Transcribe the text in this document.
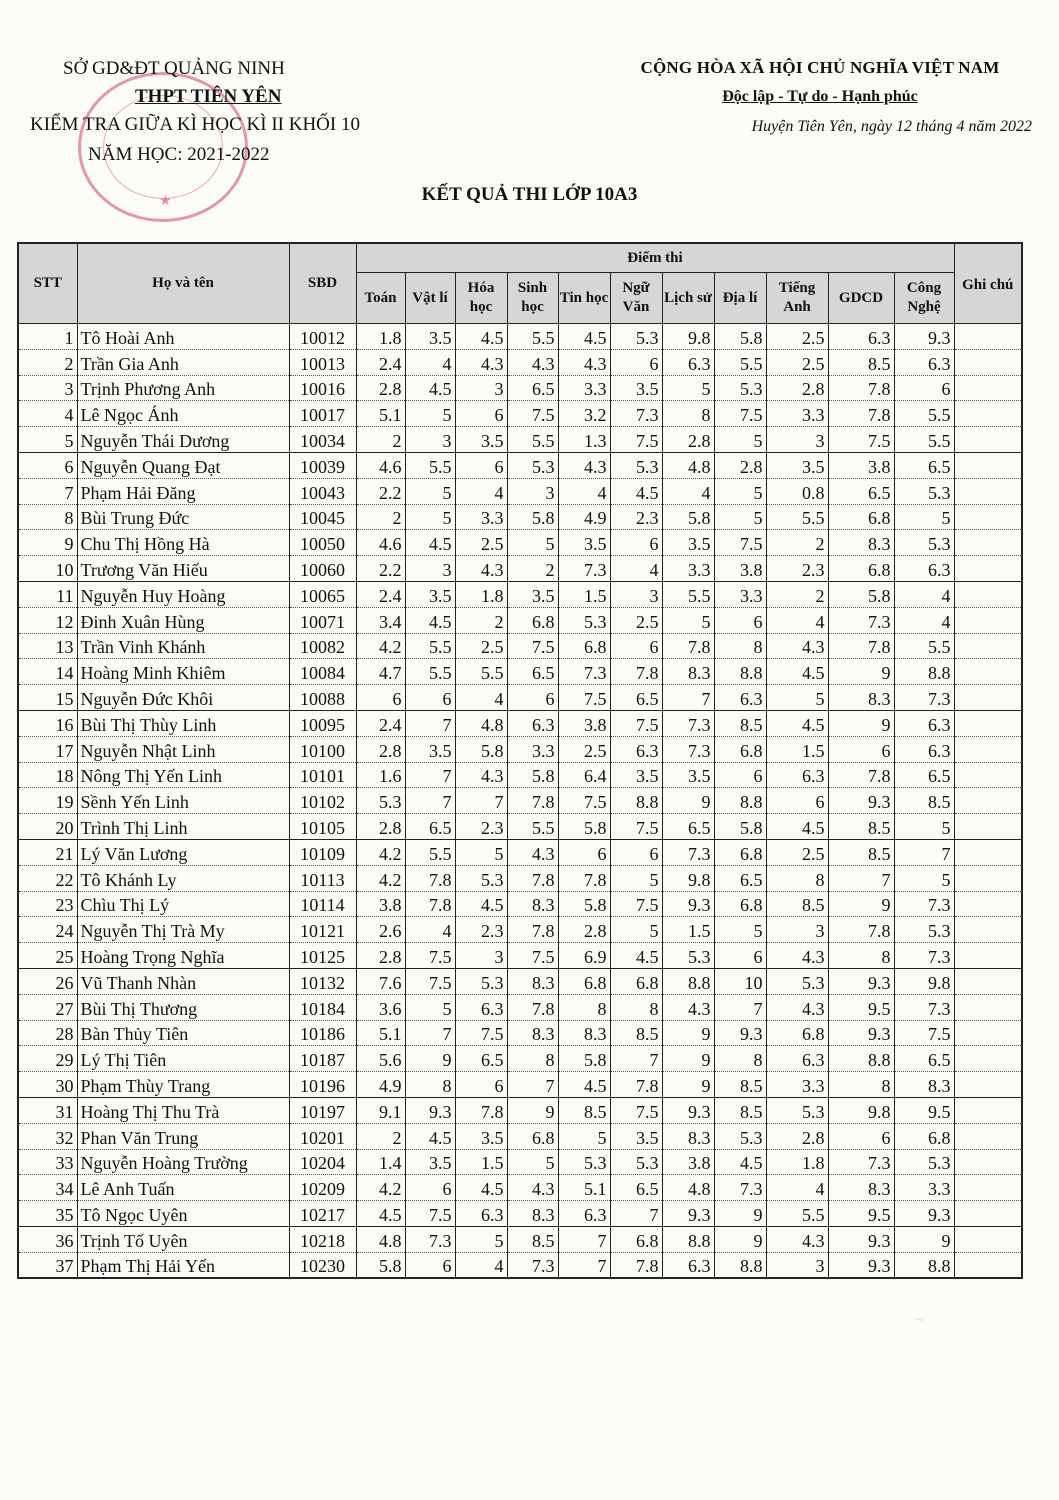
★
SỞ GD&ĐT QUẢNG NINH
THPT TIÊN YÊN
KIỂM TRA GIỮA KÌ HỌC KÌ II KHỐI 10
NĂM HỌC: 2021-2022
CỘNG HÒA XÃ HỘI CHỦ NGHĨA VIỆT NAM
Độc lập - Tự do - Hạnh phúc
Huyện Tiên Yên, ngày 12 tháng 4 năm 2022
KẾT QUẢ THI LỚP 10A3
STT	Họ và tên	SBD	Điểm thi											Ghi chú
			Toán	Vật lí	Hóa học	Sinh học	Tin học	Ngữ Văn	Lịch sử	Địa lí	Tiếng Anh	GDCD	Công Nghệ	
1	Tô Hoài Anh	10012	1.8	3.5	4.5	5.5	4.5	5.3	9.8	5.8	2.5	6.3	9.3	
2	Trần Gia Anh	10013	2.4	4	4.3	4.3	4.3	6	6.3	5.5	2.5	8.5	6.3	
3	Trịnh Phương Anh	10016	2.8	4.5	3	6.5	3.3	3.5	5	5.3	2.8	7.8	6	
4	Lê Ngọc Ánh	10017	5.1	5	6	7.5	3.2	7.3	8	7.5	3.3	7.8	5.5	
5	Nguyễn Thái Dương	10034	2	3	3.5	5.5	1.3	7.5	2.8	5	3	7.5	5.5	
6	Nguyễn Quang Đạt	10039	4.6	5.5	6	5.3	4.3	5.3	4.8	2.8	3.5	3.8	6.5	
7	Phạm Hải Đăng	10043	2.2	5	4	3	4	4.5	4	5	0.8	6.5	5.3	
8	Bùi Trung Đức	10045	2	5	3.3	5.8	4.9	2.3	5.8	5	5.5	6.8	5	
9	Chu Thị Hồng Hà	10050	4.6	4.5	2.5	5	3.5	6	3.5	7.5	2	8.3	5.3	
10	Trương Văn Hiếu	10060	2.2	3	4.3	2	7.3	4	3.3	3.8	2.3	6.8	6.3	
11	Nguyễn Huy Hoàng	10065	2.4	3.5	1.8	3.5	1.5	3	5.5	3.3	2	5.8	4	
12	Đinh Xuân Hùng	10071	3.4	4.5	2	6.8	5.3	2.5	5	6	4	7.3	4	
13	Trần Vinh Khánh	10082	4.2	5.5	2.5	7.5	6.8	6	7.8	8	4.3	7.8	5.5	
14	Hoàng Minh Khiêm	10084	4.7	5.5	5.5	6.5	7.3	7.8	8.3	8.8	4.5	9	8.8	
15	Nguyễn Đức Khôi	10088	6	6	4	6	7.5	6.5	7	6.3	5	8.3	7.3	
16	Bùi Thị Thùy Linh	10095	2.4	7	4.8	6.3	3.8	7.5	7.3	8.5	4.5	9	6.3	
17	Nguyễn Nhật Linh	10100	2.8	3.5	5.8	3.3	2.5	6.3	7.3	6.8	1.5	6	6.3	
18	Nông Thị Yến Linh	10101	1.6	7	4.3	5.8	6.4	3.5	3.5	6	6.3	7.8	6.5	
19	Sềnh Yến Linh	10102	5.3	7	7	7.8	7.5	8.8	9	8.8	6	9.3	8.5	
20	Trình Thị Linh	10105	2.8	6.5	2.3	5.5	5.8	7.5	6.5	5.8	4.5	8.5	5	
21	Lý Văn Lương	10109	4.2	5.5	5	4.3	6	6	7.3	6.8	2.5	8.5	7	
22	Tô Khánh Ly	10113	4.2	7.8	5.3	7.8	7.8	5	9.8	6.5	8	7	5	
23	Chìu Thị Lý	10114	3.8	7.8	4.5	8.3	5.8	7.5	9.3	6.8	8.5	9	7.3	
24	Nguyễn Thị Trà My	10121	2.6	4	2.3	7.8	2.8	5	1.5	5	3	7.8	5.3	
25	Hoàng Trọng Nghĩa	10125	2.8	7.5	3	7.5	6.9	4.5	5.3	6	4.3	8	7.3	
26	Vũ Thanh Nhàn	10132	7.6	7.5	5.3	8.3	6.8	6.8	8.8	10	5.3	9.3	9.8	
27	Bùi Thị Thương	10184	3.6	5	6.3	7.8	8	8	4.3	7	4.3	9.5	7.3	
28	Bàn Thủy Tiên	10186	5.1	7	7.5	8.3	8.3	8.5	9	9.3	6.8	9.3	7.5	
29	Lý Thị Tiên	10187	5.6	9	6.5	8	5.8	7	9	8	6.3	8.8	6.5	
30	Phạm Thùy Trang	10196	4.9	8	6	7	4.5	7.8	9	8.5	3.3	8	8.3	
31	Hoàng Thị Thu Trà	10197	9.1	9.3	7.8	9	8.5	7.5	9.3	8.5	5.3	9.8	9.5	
32	Phan Văn Trung	10201	2	4.5	3.5	6.8	5	3.5	8.3	5.3	2.8	6	6.8	
33	Nguyễn Hoàng Trường	10204	1.4	3.5	1.5	5	5.3	5.3	3.8	4.5	1.8	7.3	5.3	
34	Lê Anh Tuấn	10209	4.2	6	4.5	4.3	5.1	6.5	4.8	7.3	4	8.3	3.3	
35	Tô Ngọc Uyên	10217	4.5	7.5	6.3	8.3	6.3	7	9.3	9	5.5	9.5	9.3	
36	Trịnh Tố Uyên	10218	4.8	7.3	5	8.5	7	6.8	8.8	9	4.3	9.3	9	
37	Phạm Thị Hải Yến	10230	5.8	6	4	7.3	7	7.8	6.3	8.8	3	9.3	8.8	
~
